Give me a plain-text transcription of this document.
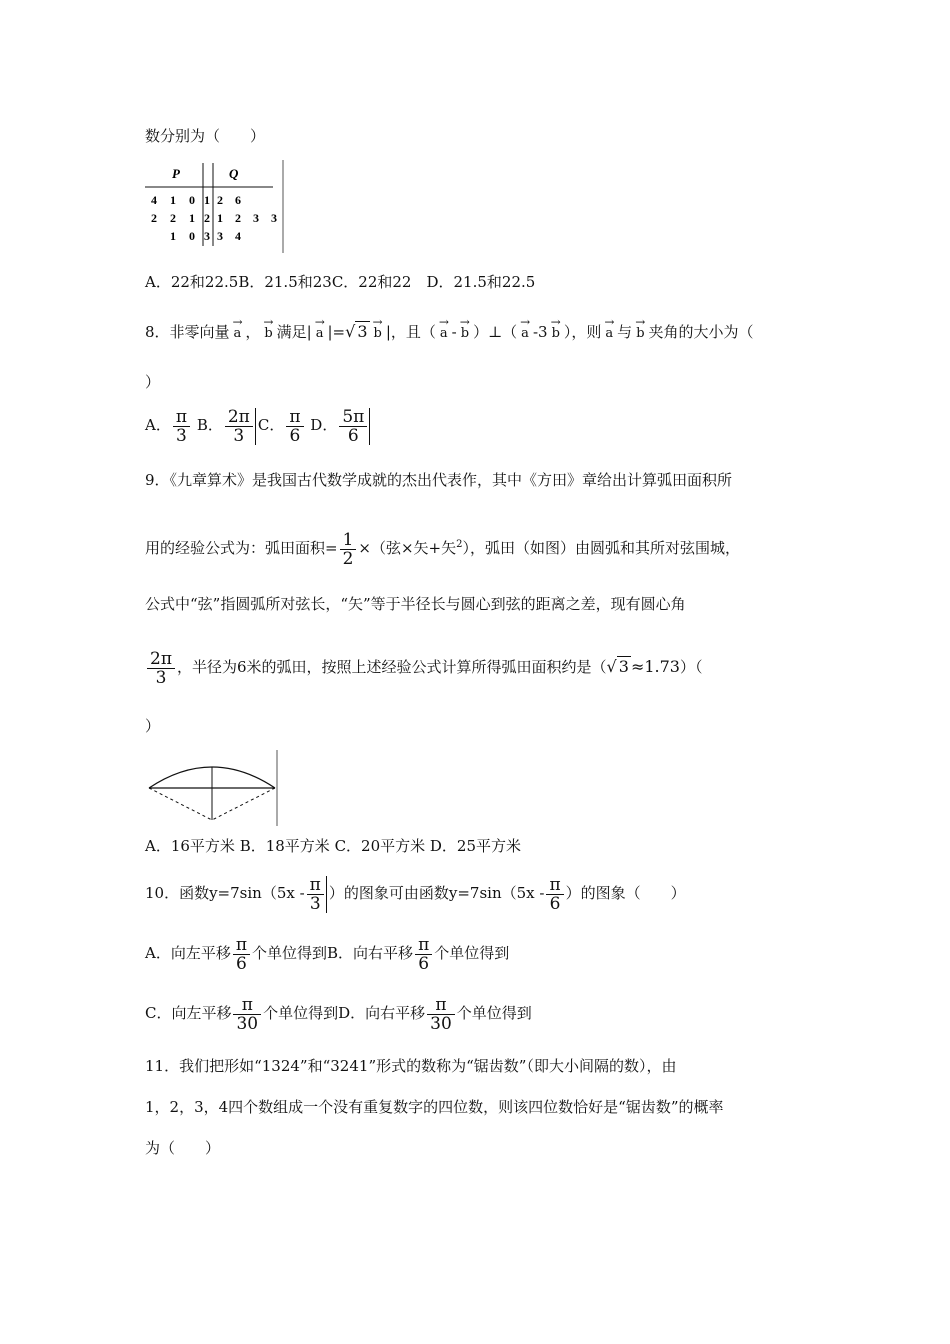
数分别为（　　）
P	Q
4 1 0 1 2 6
2 2 1 2 1 2 3 3
1 0 3 3 4
A．22和22.5B．21.5和23C．22和22　D．21.5和22.5
8．非零向量 → a ， → b 满足| → a |=√ 3 → b |，且（ → a - → b ）⊥（ → a -3 → b ），则 → a 与 → b 夹角的大小为（
）
A． $\frac{\pi}{3}$ B． $\frac{2\pi}{3}$ C． $\frac{\pi}{6}$ D． $\frac{5\pi}{6}$
9．《九章算术》是我国古代数学成就的杰出代表作，其中《方田》章给出计算弧田面积所
用的经验公式为：弧田面积= $\frac{1}{2}$ ×（弦×矢+矢$^2$），弧田（如图）由圆弧和其所对弦围城，
公式中“弦”指圆弧所对弦长，“矢”等于半径长与圆心到弦的距离之差，现有圆心角
$\frac{2\pi}{3}$ ，半径为6米的弧田，按照上述经验公式计算所得弧田面积约是（√ 3 ≈1.73）（
）
A．16平方米 B．18平方米 C．20平方米 D．25平方米
10．函数$y=7\sin(5x - \frac{\pi}{3}$ ）的图象可由函数$y=7\sin(5x - \frac{\pi}{6}$ ）的图象（　　）
A．向左平移 $\frac{\pi}{6}$ 个单位得到B．向右平移 $\frac{\pi}{6}$ 个单位得到
C．向左平移 $\frac{\pi}{30}$ 个单位得到D．向右平移 $\frac{\pi}{30}$ 个单位得到
11．我们把形如“1324”和“3241”形式的数称为“锯齿数”（即大小间隔的数），由
1，2，3，4四个数组成一个没有重复数字的四位数，则该四位数恰好是“锯齿数”的概率
为（　　）
